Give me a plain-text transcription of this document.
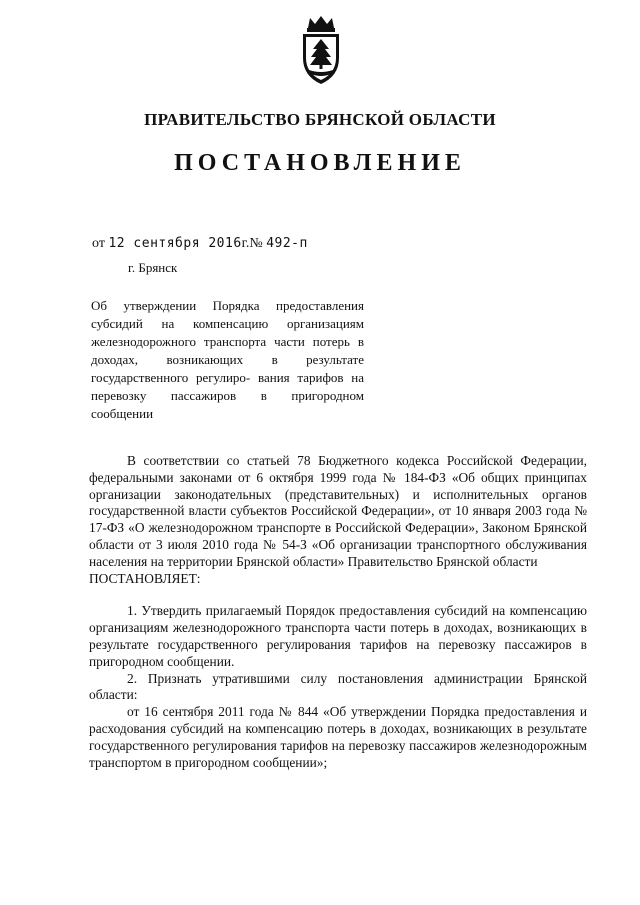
ПРАВИТЕЛЬСТВО БРЯНСКОЙ ОБЛАСТИ
ПОСТАНОВЛЕНИЕ
от 12 сентября 2016г.№ 492-п
г. Брянск
Об утверждении Порядка предоставления субсидий на компенсацию организациям железнодорожного транспорта части потерь в доходах, возникающих в результате государственного регулиро- вания тарифов на перевозку пассажиров в пригородном сообщении

В соответствии со статьей 78 Бюджетного кодекса Российской Федерации, федеральными законами от 6 октября 1999 года № 184-ФЗ «Об общих принципах организации законодательных (представительных) и исполнительных органов государственной власти субъектов Российской Федерации», от 10 января 2003 года № 17-ФЗ «О железнодорожном транспорте в Российской Федерации», Законом Брянской области от 3 июля 2010 года № 54-З «Об организации транспортного обслуживания населения на территории Брянской области» Правительство Брянской области

ПОСТАНОВЛЯЕТ:

1. Утвердить прилагаемый Порядок предоставления субсидий на компенсацию организациям железнодорожного транспорта части потерь в доходах, возникающих в результате государственного регулирования тарифов на перевозку пассажиров в пригородном сообщении.

2. Признать утратившими силу постановления администрации Брянской области:

от 16 сентября 2011 года № 844 «Об утверждении Порядка предоставления и расходования субсидий на компенсацию потерь в доходах, возникающих в результате государственного регулирования тарифов на перевозку пассажиров железнодорожным транспортом в пригородном сообщении»;
